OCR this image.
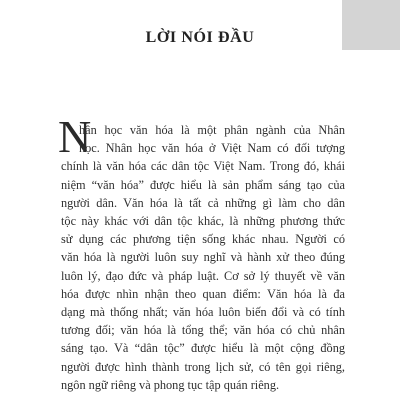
LỜI NÓI ĐẦU
N
hân học văn hóa là một phân ngành của Nhân
học. Nhân học văn hóa ở Việt Nam có đối tượng
chính là văn hóa các dân tộc Việt Nam. Trong đó, khái
niệm “văn hóa” được hiểu là sản phẩm sáng tạo của
người dân. Văn hóa là tất cả những gì làm cho dân
tộc này khác với dân tộc khác, là những phương thức
sử dụng các phương tiện sống khác nhau. Người có
văn hóa là người luôn suy nghĩ và hành xử theo đúng
luôn lý, đạo đức và pháp luật. Cơ sở lý thuyết về văn
hóa được nhìn nhận theo quan điểm: Văn hóa là đa
dạng mà thống nhất; văn hóa luôn biến đổi và có tính
tương đối; văn hóa là tổng thể; văn hóa có chủ nhân
sáng tạo. Và “dân tộc” được hiểu là một cộng đồng
người được hình thành trong lịch sử, có tên gọi riêng,
ngôn ngữ riêng và phong tục tập quán riêng.
